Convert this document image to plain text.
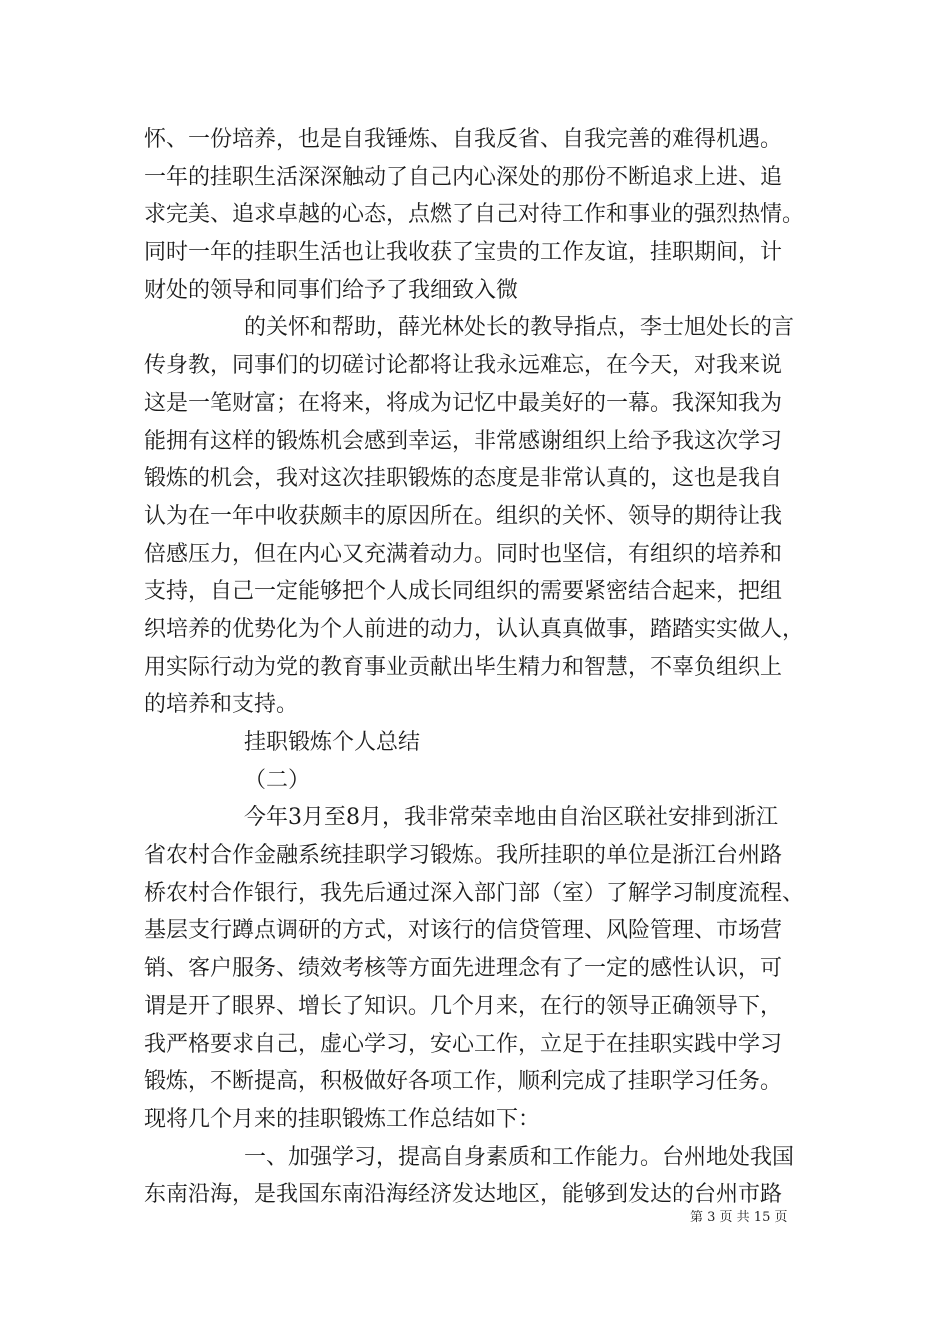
怀、一份培养，也是自我锤炼、自我反省、自我完善的难得机遇。
一年的挂职生活深深触动了自己内心深处的那份不断追求上进、追
求完美、追求卓越的心态，点燃了自己对待工作和事业的强烈热情。
同时一年的挂职生活也让我收获了宝贵的工作友谊，挂职期间，计
财处的领导和同事们给予了我细致入微
的关怀和帮助，薛光林处长的教导指点，李士旭处长的言
传身教，同事们的切磋讨论都将让我永远难忘，在今天，对我来说
这是一笔财富；在将来，将成为记忆中最美好的一幕。我深知我为
能拥有这样的锻炼机会感到幸运，非常感谢组织上给予我这次学习
锻炼的机会，我对这次挂职锻炼的态度是非常认真的，这也是我自
认为在一年中收获颇丰的原因所在。组织的关怀、领导的期待让我
倍感压力，但在内心又充满着动力。同时也坚信，有组织的培养和
支持，自己一定能够把个人成长同组织的需要紧密结合起来，把组
织培养的优势化为个人前进的动力，认认真真做事，踏踏实实做人，
用实际行动为党的教育事业贡献出毕生精力和智慧，不辜负组织上
的培养和支持。
挂职锻炼个人总结
（二）
今年3月至8月，我非常荣幸地由自治区联社安排到浙江
省农村合作金融系统挂职学习锻炼。我所挂职的单位是浙江台州路
桥农村合作银行，我先后通过深入部门部（室）了解学习制度流程、
基层支行蹲点调研的方式，对该行的信贷管理、风险管理、市场营
销、客户服务、绩效考核等方面先进理念有了一定的感性认识，可
谓是开了眼界、增长了知识。几个月来，在行的领导正确领导下，
我严格要求自己，虚心学习，安心工作，立足于在挂职实践中学习
锻炼，不断提高，积极做好各项工作，顺利完成了挂职学习任务。
现将几个月来的挂职锻炼工作总结如下：
一、加强学习，提高自身素质和工作能力。台州地处我国
东南沿海，是我国东南沿海经济发达地区，能够到发达的台州市路
第 3 页 共 15 页
